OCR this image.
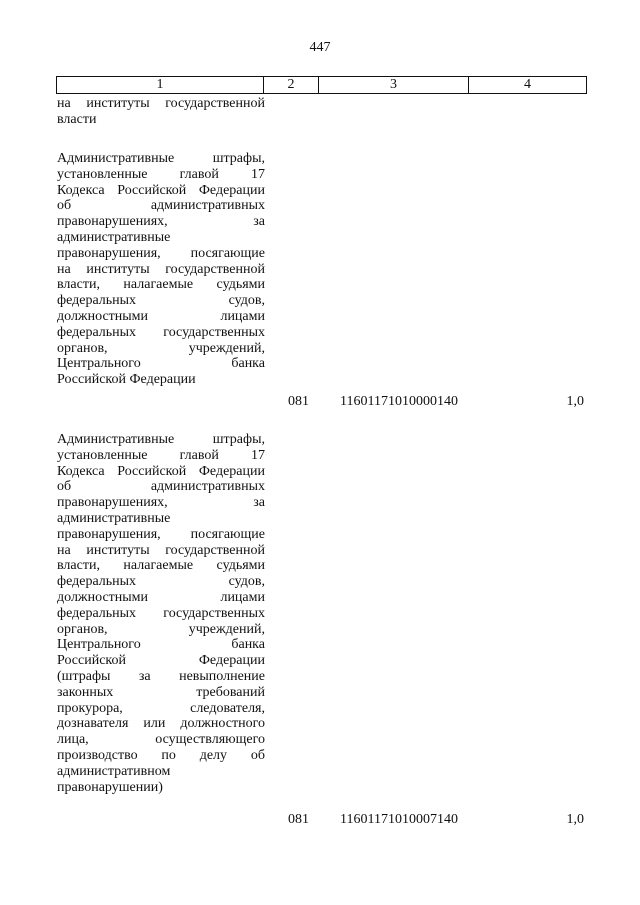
447
1	2	3	4
на институты государственной
власти
Административные штрафы,
установленные главой 17
Кодекса Российской Федерации
об административных
правонарушениях, за
административные
правонарушения, посягающие
на институты государственной
власти, налагаемые судьями
федеральных судов,
должностными лицами
федеральных государственных
органов, учреждений,
Центрального банка
Российской Федерации
081 11601171010000140	1,0
Административные штрафы,
установленные главой 17
Кодекса Российской Федерации
об административных
правонарушениях, за
административные
правонарушения, посягающие
на институты государственной
власти, налагаемые судьями
федеральных судов,
должностными лицами
федеральных государственных
органов, учреждений,
Центрального банка
Российской Федерации
(штрафы за невыполнение
законных требований
прокурора, следователя,
дознавателя или должностного
лица, осуществляющего
производство по делу об
административном
правонарушении)
081 11601171010007140	1,0
